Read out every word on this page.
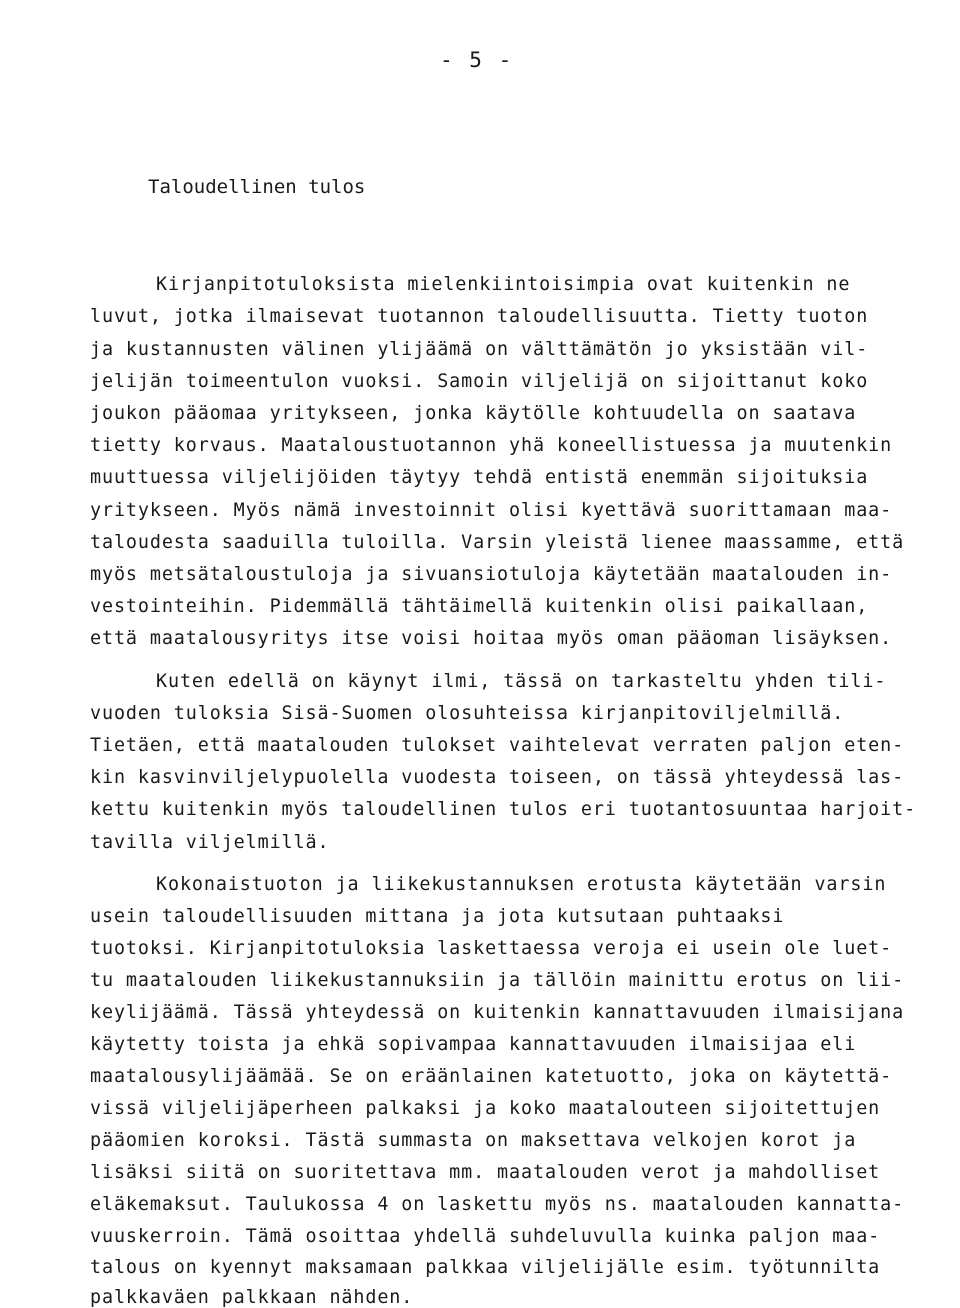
- 5 -
Taloudellinen tulos
Kirjanpitotuloksista mielenkiintoisimpia ovat kuitenkin ne
luvut, jotka ilmaisevat tuotannon taloudellisuutta. Tietty tuoton
ja kustannusten välinen ylijäämä on välttämätön jo yksistään vil-
jelijän toimeentulon vuoksi. Samoin viljelijä on sijoittanut koko
joukon pääomaa yritykseen, jonka käytölle kohtuudella on saatava
tietty korvaus. Maataloustuotannon yhä koneellistuessa ja muutenkin
muuttuessa viljelijöiden täytyy tehdä entistä enemmän sijoituksia
yritykseen. Myös nämä investoinnit olisi kyettävä suorittamaan maa-
taloudesta saaduilla tuloilla. Varsin yleistä lienee maassamme, että
myös metsätaloustuloja ja sivuansiotuloja käytetään maatalouden in-
vestointeihin. Pidemmällä tähtäimellä kuitenkin olisi paikallaan,
että maatalousyritys itse voisi hoitaa myös oman pääoman lisäyksen.
Kuten edellä on käynyt ilmi, tässä on tarkasteltu yhden tili-
vuoden tuloksia Sisä-Suomen olosuhteissa kirjanpitoviljelmillä.
Tietäen, että maatalouden tulokset vaihtelevat verraten paljon eten-
kin kasvinviljelypuolella vuodesta toiseen, on tässä yhteydessä las-
kettu kuitenkin myös taloudellinen tulos eri tuotantosuuntaa harjoit-
tavilla viljelmillä.
Kokonaistuoton ja liikekustannuksen erotusta käytetään varsin
usein taloudellisuuden mittana ja jota kutsutaan puhtaaksi
tuotoksi. Kirjanpitotuloksia laskettaessa veroja ei usein ole luet-
tu maatalouden liikekustannuksiin ja tällöin mainittu erotus on lii-
keylijäämä. Tässä yhteydessä on kuitenkin kannattavuuden ilmaisijana
käytetty toista ja ehkä sopivampaa kannattavuuden ilmaisijaa eli
maatalousylijäämää. Se on eräänlainen katetuotto, joka on käytettä-
vissä viljelijäperheen palkaksi ja koko maatalouteen sijoitettujen
pääomien koroksi. Tästä summasta on maksettava velkojen korot ja
lisäksi siitä on suoritettava mm. maatalouden verot ja mahdolliset
eläkemaksut. Taulukossa 4 on laskettu myös ns. maatalouden kannatta-
vuuskerroin. Tämä osoittaa yhdellä suhdeluvulla kuinka paljon maa-
talous on kyennyt maksamaan palkkaa viljelijälle esim. työtunnilta
palkkaväen palkkaan nähden.
